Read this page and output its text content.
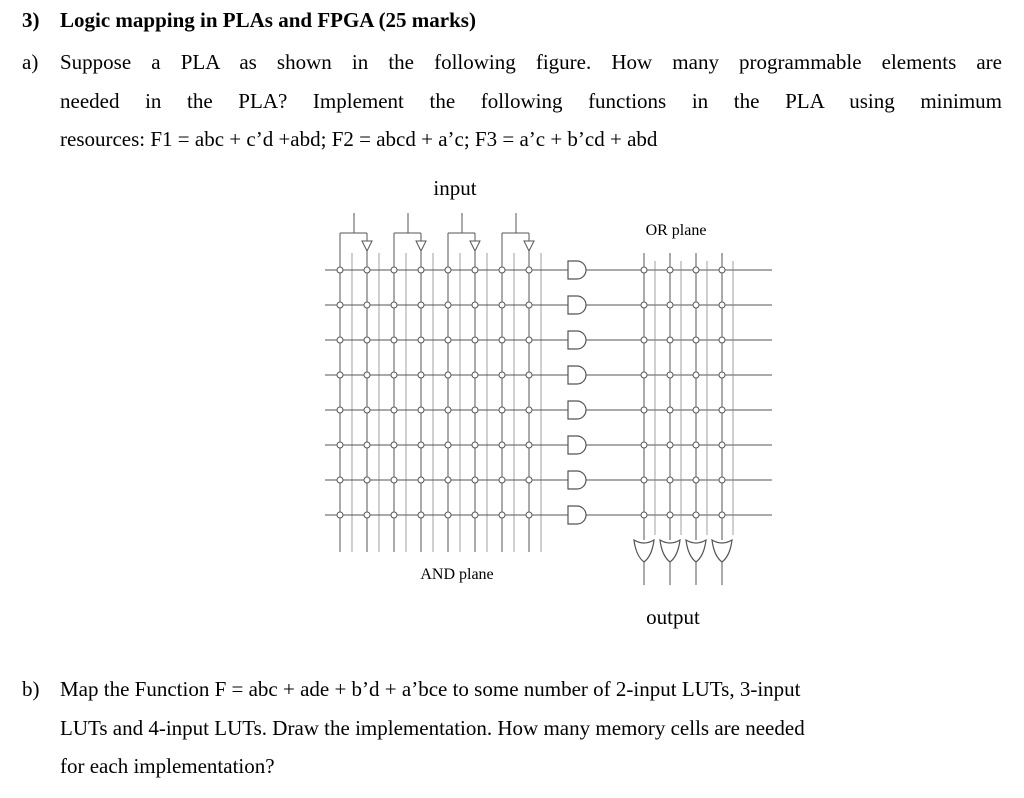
3) Logic mapping in PLAs and FPGA (25 marks)
a) Suppose a PLA as shown in the following figure. How many programmable elements are
needed in the PLA? Implement the following functions in the PLA using minimum
resources: F1 = abc + c’d +abd; F2 = abcd + a’c; F3 = a’c + b’cd + abd
input
OR plane
AND plane
output
b) Map the Function F = abc + ade + b’d + a’bce to some number of 2-input LUTs, 3-input
LUTs and 4-input LUTs. Draw the implementation. How many memory cells are needed
for each implementation?
